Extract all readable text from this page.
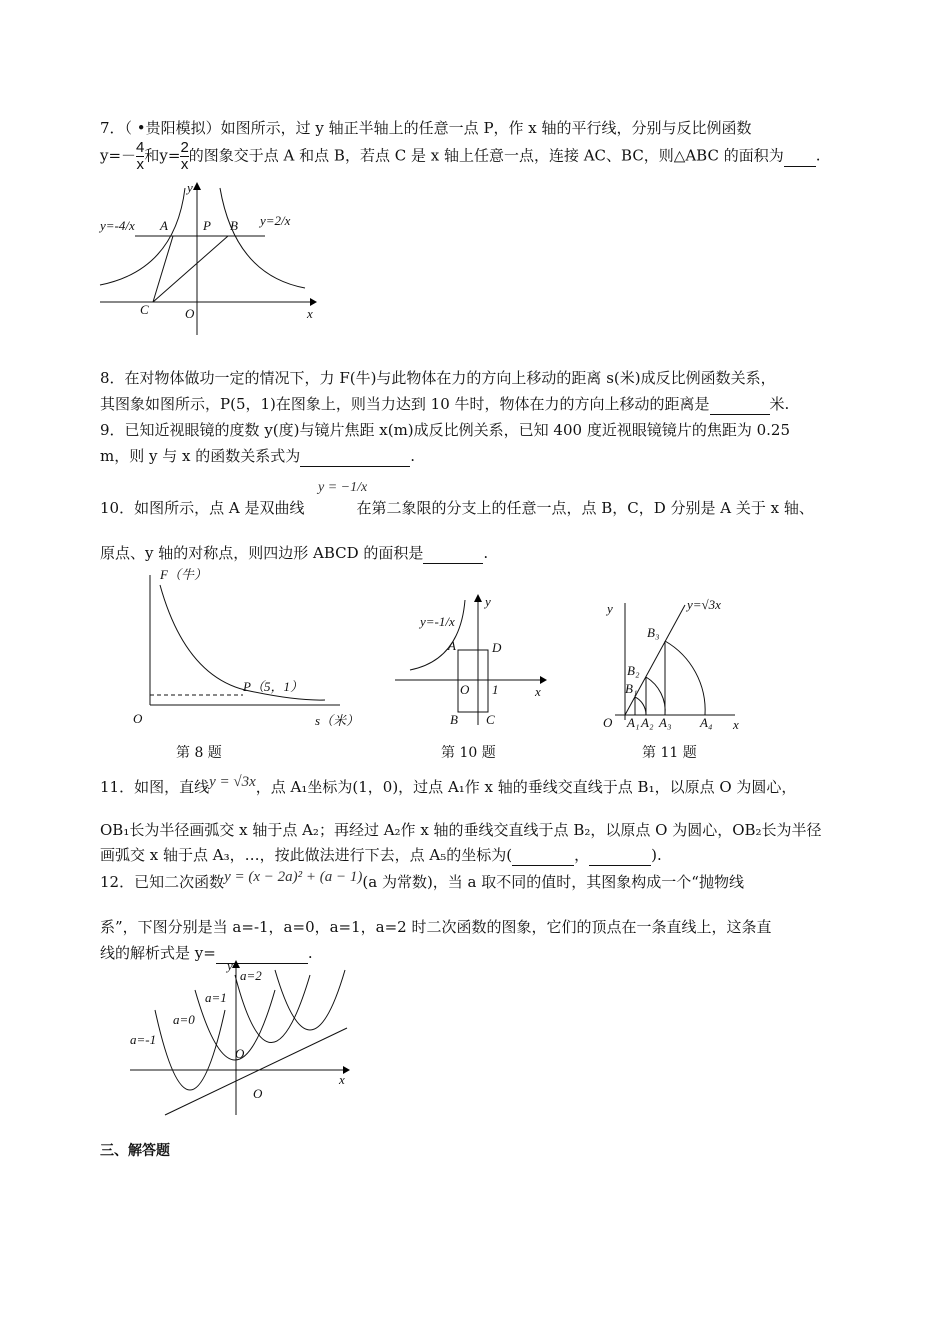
7．（ •贵阳模拟）如图所示，过 y 轴正半轴上的任意一点 P，作 x 轴的平行线，分别与反比例函数
$y=- \frac{4}{x}$ 和$y= \frac{2}{x}$ 的图象交于点 A 和点 B，若点 C 是 x 轴上任意一点，连接 AC、BC，则△ABC 的面积为 .
y
x
O
C
A	P B
y=-4/x	y=2/x
8．在对物体做功一定的情况下，力 F(牛)与此物体在力的方向上移动的距离 s(米)成反比例函数关系，
其图象如图所示，P(5，1)在图象上，则当力达到 10 牛时，物体在力的方向上移动的距离是	米.
9．已知近视眼镜的度数 y(度)与镜片焦距 x(m)成反比例关系，已知 400 度近视眼镜镜片的焦距为 0.25
m，则 y 与 x 的函数关系式为	.
y = −1/x
10．如图所示，点 A 是双曲线	在第二象限的分支上的任意一点，点 B，C，D 分别是 A 关于 x 轴、
原点、y 轴的对称点，则四边形 ABCD 的面积是	.
F（牛）
O	s（米）
P（5，1）
第 8 题
y
x
O 1
A	D
B C
y=-1/x
第 10 题
y
x
O A₁ A₂ A₃ A₄
B₁
B₂
B₃
y=√3x
第 11 题
11．如图，直线y = √3x，点 A₁坐标为(1，0)，过点 A₁作 x 轴的垂线交直线于点 B₁，以原点 O 为圆心，
OB₁长为半径画弧交 x 轴于点 A₂；再经过 A₂作 x 轴的垂线交直线于点 B₂，以原点 O 为圆心，OB₂长为半径
画弧交 x 轴于点 A₃，…，按此做法进行下去，点 A₅的坐标为(	，	).
12．已知二次函数y = (x − 2a)² + (a − 1)(a 为常数)，当 a 取不同的值时，其图象构成一个“抛物线
系”，下图分别是当 a=-1，a=0，a=1，a=2 时二次函数的图象，它们的顶点在一条直线上，这条直
线的解析式是 y=	.
y
x
O
O
a=-1
a=0
a=1
a=2
三、解答题
